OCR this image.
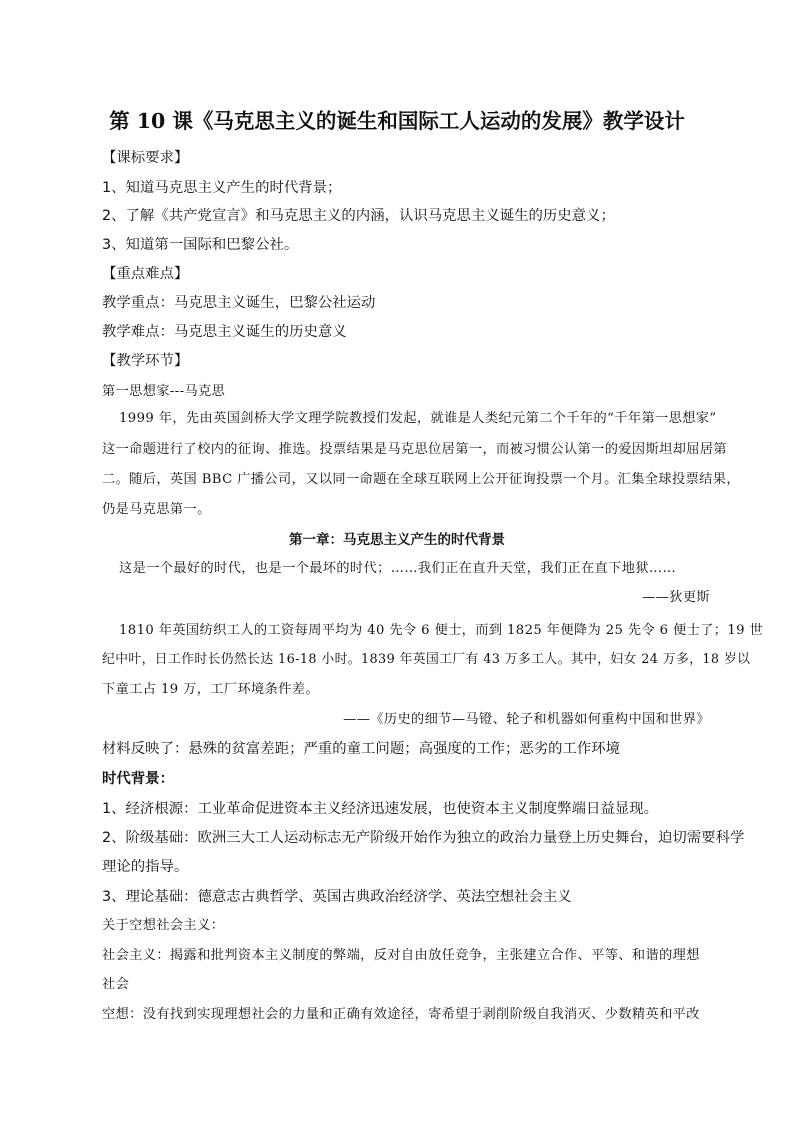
第 10 课《马克思主义的诞生和国际工人运动的发展》教学设计
【课标要求】
1、知道马克思主义产生的时代背景；
2、了解《共产党宣言》和马克思主义的内涵，认识马克思主义诞生的历史意义；
3、知道第一国际和巴黎公社。
【重点难点】
教学重点：马克思主义诞生，巴黎公社运动
教学难点：马克思主义诞生的历史意义
【教学环节】
第一思想家---马克思
1999 年，先由英国剑桥大学文理学院教授们发起，就谁是人类纪元第二个千年的“千年第一思想家”
这一命题进行了校内的征询、推选。投票结果是马克思位居第一，而被习惯公认第一的爱因斯坦却屈居第
二。随后，英国 BBC 广播公司，又以同一命题在全球互联网上公开征询投票一个月。汇集全球投票结果，
仍是马克思第一。
第一章：马克思主义产生的时代背景
这是一个最好的时代，也是一个最坏的时代；……我们正在直升天堂，我们正在直下地狱……
——狄更斯
1810 年英国纺织工人的工资每周平均为 40 先令 6 便士，而到 1825 年便降为 25 先令 6 便士了；19 世
纪中叶，日工作时长仍然长达 16-18 小时。1839 年英国工厂有 43 万多工人。其中，妇女 24 万多，18 岁以
下童工占 19 万，工厂环境条件差。
——《历史的细节—马镫、轮子和机器如何重构中国和世界》
材料反映了：悬殊的贫富差距；严重的童工问题；高强度的工作；恶劣的工作环境
时代背景：
1、经济根源：工业革命促进资本主义经济迅速发展，也使资本主义制度弊端日益显现。
2、阶级基础：欧洲三大工人运动标志无产阶级开始作为独立的政治力量登上历史舞台，迫切需要科学
理论的指导。
3、理论基础：德意志古典哲学、英国古典政治经济学、英法空想社会主义
关于空想社会主义：
社会主义：揭露和批判资本主义制度的弊端，反对自由放任竞争，主张建立合作、平等、和谐的理想
社会
空想：没有找到实现理想社会的力量和正确有效途径，寄希望于剥削阶级自我消灭、少数精英和平改
